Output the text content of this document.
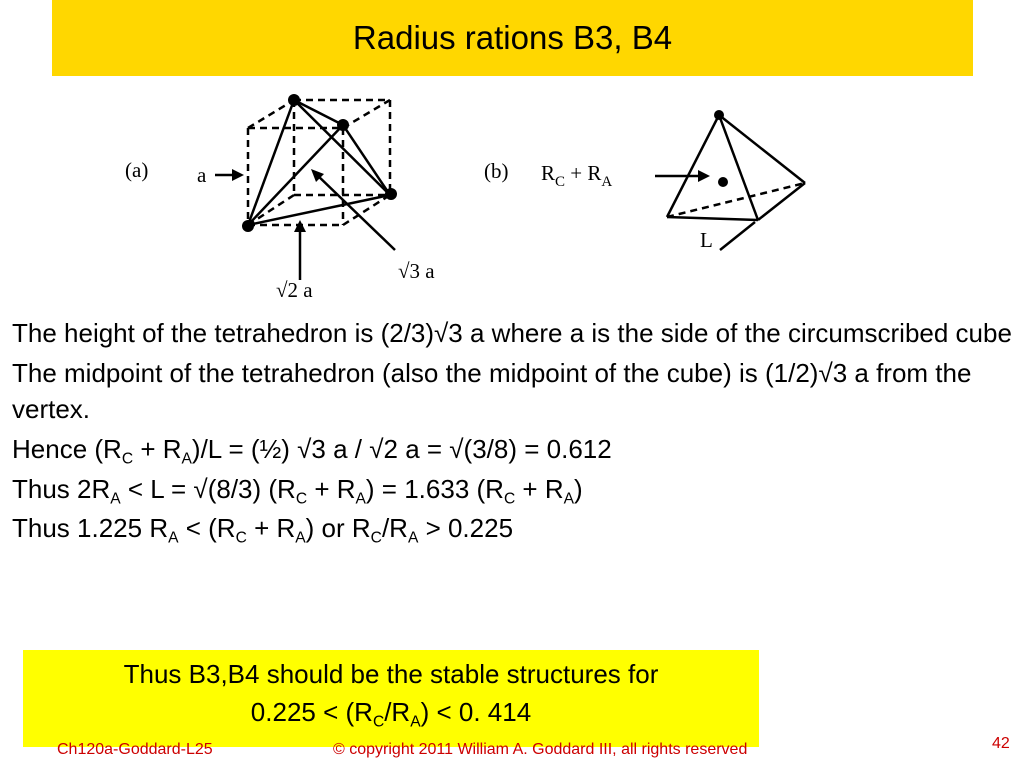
Radius rations B3, B4
(a) a
√2 a
√3 a
(b) $R_C + R_A$
L

The height of the tetrahedron is (2/3)√3 a where a is the side of the circumscribed cube

The midpoint of the tetrahedron (also the midpoint of the cube) is (1/2)√3 a from the vertex.

Hence $(R_C + R_A)/L$ = (½) √3 a / √2 a = √(3/8) = 0.612

Thus $2R_A < L = √(8/3) (R_C + R_A) = 1.633$ $(R_C + R_A)$

Thus 1.225 $R_A < (R_C + R_A)$ or $R_C/R_A > 0.225$

Thus B3,B4 should be the stable structures for
$0.225 < (R_C/R_A) < 0$. 414
Ch120a-Goddard-L25	© copyright 2011 William A. Goddard III, all rights reserved	42
